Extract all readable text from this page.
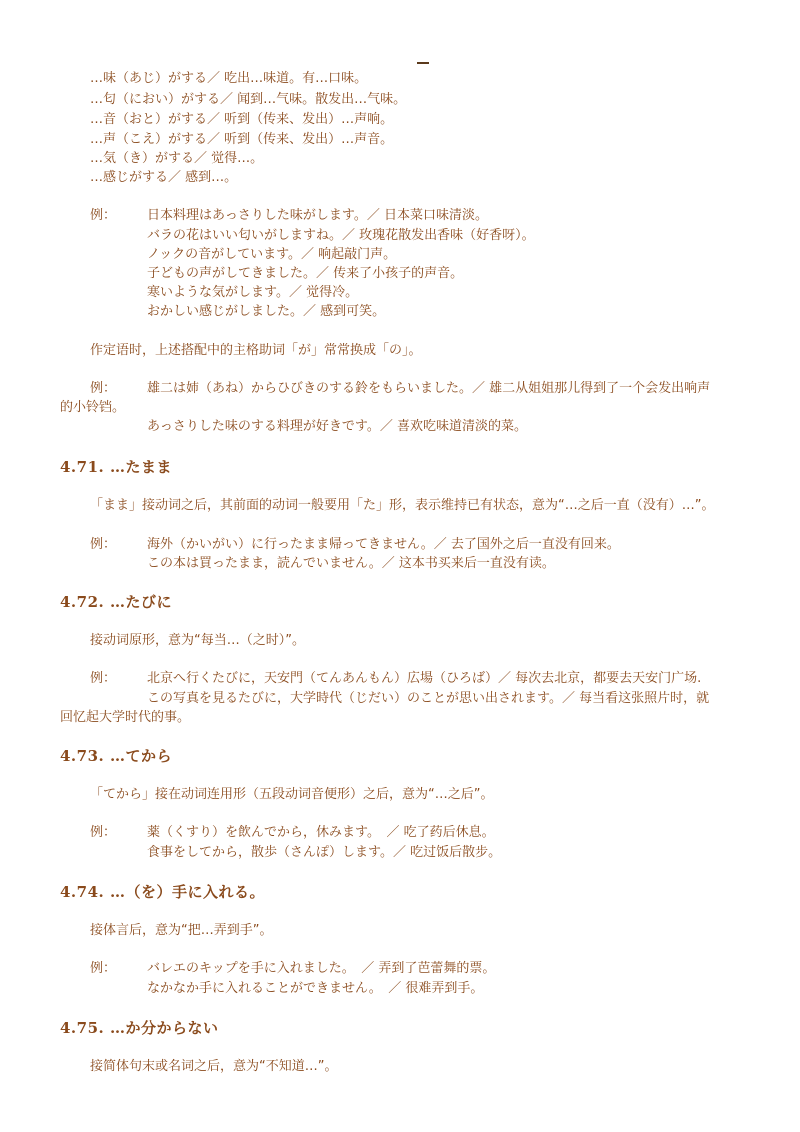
…味（あじ）がする／ 吃出…味道。有…口味。
…匂（におい）がする／ 闻到…气味。散发出…气味。
…音（おと）がする／ 听到（传来、发出）…声响。
…声（こえ）がする／ 听到（传来、发出）…声音。
…気（き）がする／ 觉得…。
…感じがする／ 感到…。
例： 日本料理はあっさりした味がします。／ 日本菜口味清淡。
バラの花はいい匂いがしますね。／ 玫瑰花散发出香味（好香呀）。
ノックの音がしています。／ 响起敲门声。
子どもの声がしてきました。／ 传来了小孩子的声音。
寒いような気がします。／ 觉得冷。
おかしい感じがしました。／ 感到可笑。
作定语时，上述搭配中的主格助词「が」常常换成「の」。
例： 雄二は姉（あね）からひびきのする鈴をもらいました。／ 雄二从姐姐那儿得到了一个会发出响声
的小铃铛。
あっさりした味のする料理が好きです。／ 喜欢吃味道清淡的菜。
4.71. …たまま
「まま」接动词之后，其前面的动词一般要用「た」形，表示维持已有状态，意为“…之后一直（没有）…”。
例： 海外（かいがい）に行ったまま帰ってきません。／ 去了国外之后一直没有回来。
この本は買ったまま，読んでいません。／ 这本书买来后一直没有读。
4.72. …たびに
接动词原形，意为“每当…（之时）”。
例： 北京へ行くたびに，天安門（てんあんもん）広場（ひろば）／ 每次去北京，都要去天安门广场.
この写真を見るたびに，大学時代（じだい）のことが思い出されます。／ 每当看这张照片时，就
回忆起大学时代的事。
4.73. …てから
「てから」接在动词连用形（五段动词音便形）之后，意为“…之后”。
例： 薬（くすり）を飲んでから，休みます。　／ 吃了药后休息。
食事をしてから，散歩（さんぽ）します。／ 吃过饭后散步。
4.74. …（を）手に入れる。
接体言后，意为“把…弄到手”。
例： バレエのキップを手に入れました。　／ 弄到了芭蕾舞的票。
なかなか手に入れることができません。　／ 很难弄到手。
4.75. …か分からない
接简体句末或名词之后，意为“不知道…”。
